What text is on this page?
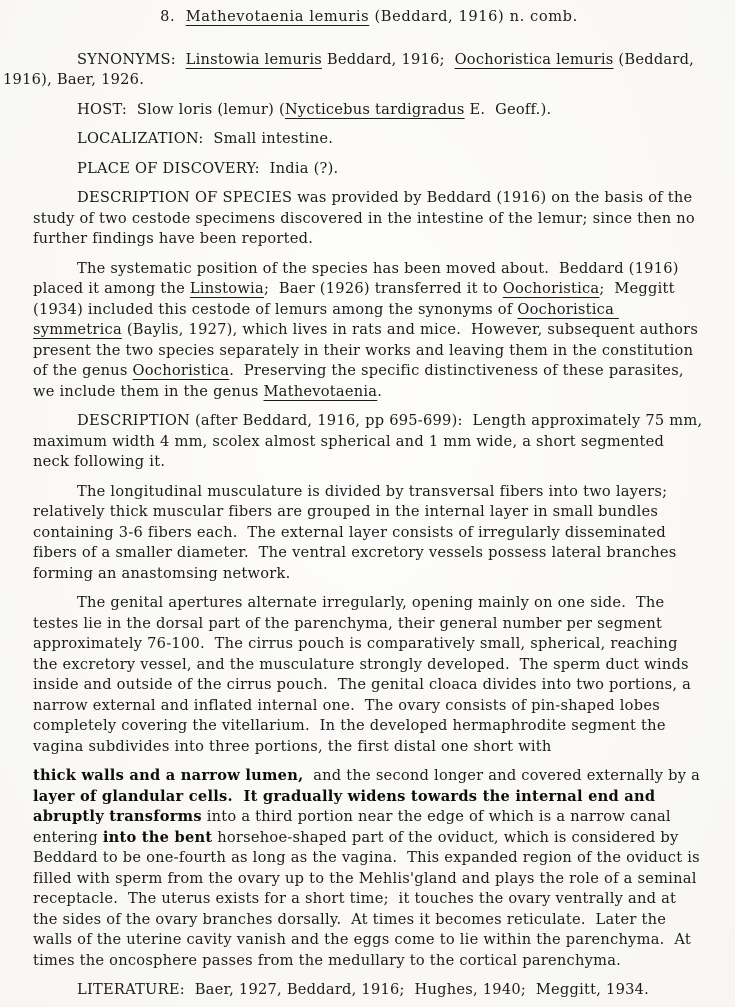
8.  Mathevotaenia lemuris (Beddard, 1916) n. comb.
SYNONYMS:  Linstowia lemuris Beddard, 1916;  Oochoristica lemuris (Beddard, 1916), Baer, 1926.
HOST:  Slow loris (lemur) (Nycticebus tardigradus E.  Geoff.).
LOCALIZATION:  Small intestine.
PLACE OF DISCOVERY:  India (?).
DESCRIPTION OF SPECIES was provided by Beddard (1916) on the basis of the study of two cestode specimens discovered in the intestine of the lemur; since then no further findings have been reported.
The systematic position of the species has been moved about.  Beddard (1916) placed it among the Linstowia;  Baer (1926) transferred it to Oochoristica;  Meggitt (1934) included this cestode of lemurs among the synonyms of Oochoristica symmetrica (Baylis, 1927), which lives in rats and mice.  However, subsequent authors present the two species separately in their works and leaving them in the constitution of the genus Oochoristica.  Preserving the specific distinctiveness of these parasites, we include them in the genus Mathevotaenia.
DESCRIPTION (after Beddard, 1916, pp 695-699):  Length approximately 75 mm, maximum width 4 mm, scolex almost spherical and 1 mm wide, a short segmented neck following it.
The longitudinal musculature is divided by transversal fibers into two layers; relatively thick muscular fibers are grouped in the internal layer in small bundles containing 3-6 fibers each.  The external layer consists of irregularly disseminated fibers of a smaller diameter.  The ventral excretory vessels possess lateral branches forming an anastomsing network.
The genital apertures alternate irregularly, opening mainly on one side.  The testes lie in the dorsal part of the parenchyma, their general number per segment approximately 76-100.  The cirrus pouch is comparatively small, spherical, reaching the excretory vessel, and the musculature strongly developed.  The sperm duct winds inside and outside of the cirrus pouch.  The genital cloaca divides into two portions, a narrow external and inflated internal one.  The ovary consists of pin-shaped lobes completely covering the vitellarium.  In the developed hermaphrodite segment the vagina subdivides into three portions, the first distal one short with
thick walls and a narrow lumen,  and the second longer and covered externally by a layer of glandular cells.  It gradually widens towards the internal end and abruptly transforms into a third portion near the edge of which is a narrow canal entering into the bent horsehoe-shaped part of the oviduct, which is considered by Beddard to be one-fourth as long as the vagina.  This expanded region of the oviduct is filled with sperm from the ovary up to the Mehlis'gland and plays the role of a seminal receptacle.  The uterus exists for a short time;  it touches the ovary ventrally and at the sides of the ovary branches dorsally.  At times it becomes reticulate.  Later the walls of the uterine cavity vanish and the eggs come to lie within the parenchyma.  At times the oncosphere passes from the medullary to the cortical parenchyma.
LITERATURE:  Baer, 1927, Beddard, 1916;  Hughes, 1940;  Meggitt, 1934.
